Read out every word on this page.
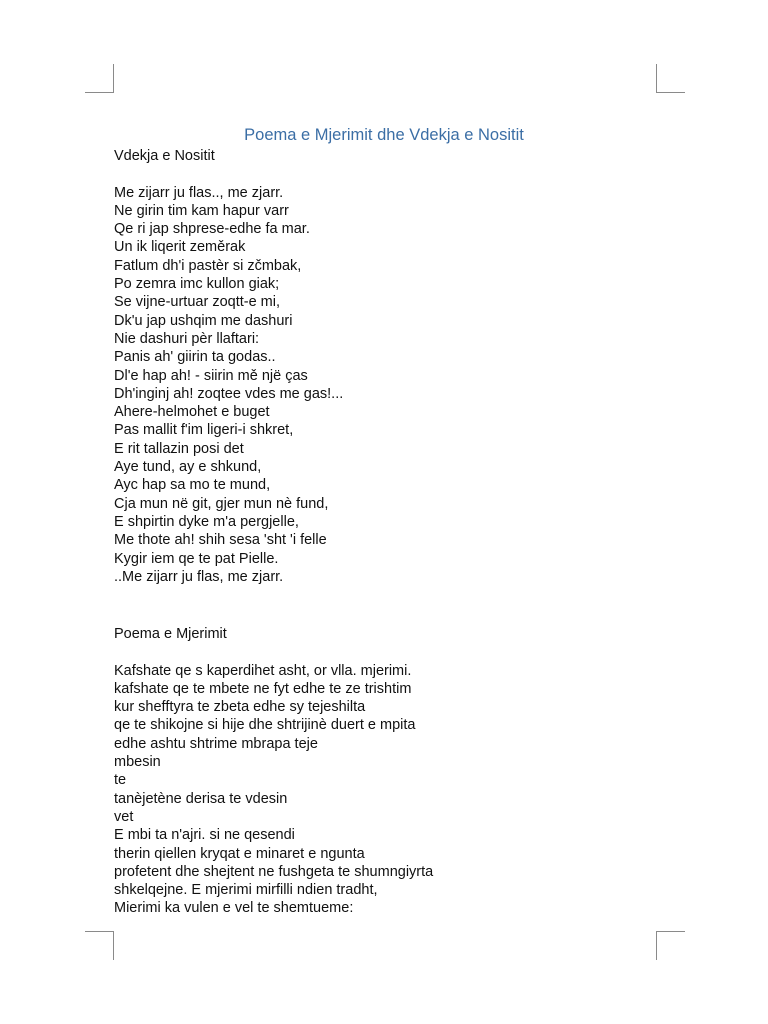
Poema e Mjerimit dhe Vdekja e Nositit
Vdekja e Nositit
Me zijarr ju flas.., me zjarr.
Ne girin tim kam hapur varr
Qe ri jap shprese-edhe fa mar.
Un ik liqerit zeměrak
Fatlum dh'i pastèr si zčmbak,
Po zemra imc kullon giak;
Se vijne-urtuar zoqtt-e mi,
Dk'u jap ushqim me dashuri
Nie dashuri pèr llaftari:
Panis ah' giirin ta godas..
Dl'e hap ah! - siirin mě një ças
Dh'inginj ah! zoqtee vdes me gas!...
Ahere-helmohet e buget
Pas mallit f'im ligeri-i shkret,
E rit tallazin posi det
Aye tund, ay e shkund,
Ayc hap sa mo te mund,
Cja mun në git, gjer mun nè fund,
E shpirtin dyke m'a pergjelle,
Me thote ah! shih sesa 'sht 'i felle
Kygir iem qe te pat Pielle.
..Me zijarr ju flas, me zjarr.
Poema e Mjerimit
Kafshate qe s kaperdihet asht, or vlla. mjerimi.
kafshate qe te mbete ne fyt edhe te ze trishtim
kur shefftyra te zbeta edhe sy tejeshilta
qe te shikojne si hije dhe shtrijinè duert e mpita
edhe ashtu shtrime mbrapa teje
mbesin
te
tanèjetène derisa te vdesin
vet
E mbi ta n'ajri. si ne qesendi
therin qiellen kryqat e minaret e ngunta
profetent dhe shejtent ne fushgeta te shumngiyrta
shkelqejne. E mjerimi mirfilli ndien tradht,
Mierimi ka vulen e vel te shemtueme:
